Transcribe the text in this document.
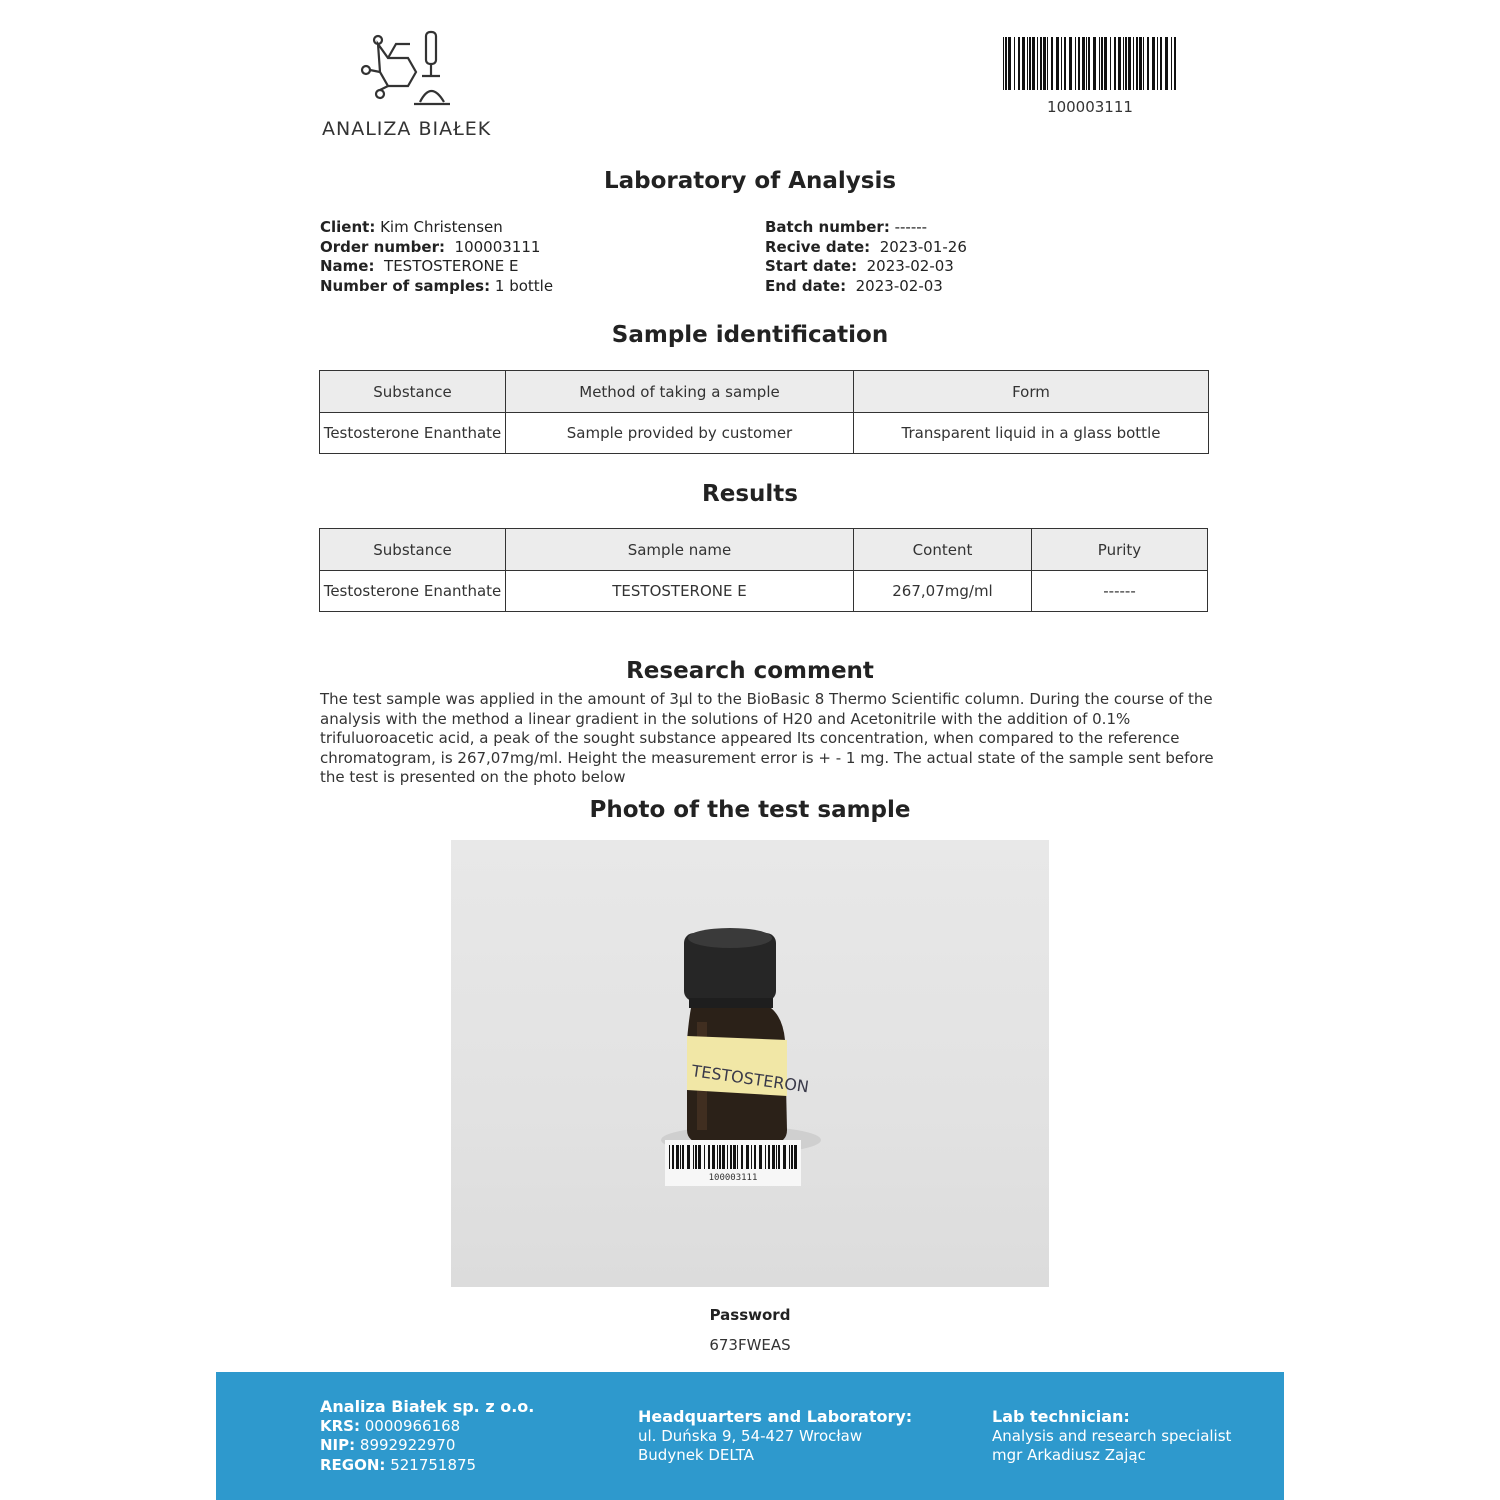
ANALIZA BIAŁEK
100003111
Laboratory of Analysis
Client: Kim Christensen
Order number: 100003111
Name: TESTOSTERONE E
Number of samples: 1 bottle
Batch number: ------
Recive date: 2023-01-26
Start date: 2023-02-03
End date: 2023-02-03
Sample identification
Substance	Method of taking a sample	Form
Testosterone Enanthate	Sample provided by customer	Transparent liquid in a glass bottle
Results
Substance	Sample name	Content	Purity
Testosterone Enanthate	TESTOSTERONE E	267,07mg/ml	------
Research comment
The test sample was applied in the amount of 3µl to the BioBasic 8 Thermo Scientific column. During the course of the analysis with the method a linear gradient in the solutions of H20 and Acetonitrile with the addition of 0.1% trifuluoroacetic acid, a peak of the sought substance appeared Its concentration, when compared to the reference chromatogram, is 267,07mg/ml. Height the measurement error is + - 1 mg. The actual state of the sample sent before the test is presented on the photo below
Photo of the test sample
TESTOSTERON
100003111
Password
673FWEAS
Analiza Białek sp. z o.o.
KRS: 0000966168
NIP: 8992922970
REGON: 521751875
Headquarters and Laboratory:
ul. Duńska 9, 54-427 Wrocław
Budynek DELTA
Lab technician:
Analysis and research specialist
mgr Arkadiusz Zając
